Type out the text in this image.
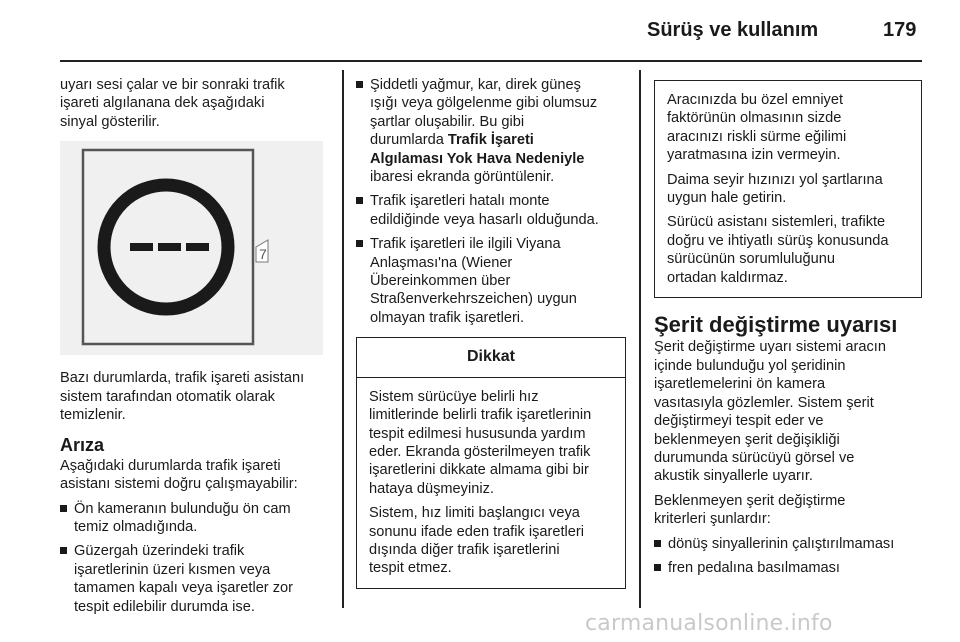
Sürüş ve kullanım	179

uyarı sesi çalar ve bir sonraki trafik
işareti algılanana dek aşağıdaki
sinyal gösterilir.

7

Bazı durumlarda, trafik işareti asistanı
sistem tarafından otomatik olarak
temizlenir.

Arıza

Aşağıdaki durumlarda trafik işareti
asistanı sistemi doğru çalışmayabilir:

Ön kameranın bulunduğu ön cam
temiz olmadığında.
Güzergah üzerindeki trafik
işaretlerinin üzeri kısmen veya
tamamen kapalı veya işaretler zor
tespit edilebilir durumda ise.
Şiddetli yağmur, kar, direk güneş
ışığı veya gölgelenme gibi olumsuz
şartlar oluşabilir. Bu gibi
durumlarda Trafik İşareti
Algılaması Yok Hava Nedeniyle
ibaresi ekranda görüntülenir.
Trafik işaretleri hatalı monte
edildiğinde veya hasarlı olduğunda.
Trafik işaretleri ile ilgili Viyana
Anlaşması'na (Wiener
Übereinkommen über
Straßenverkehrszeichen) uygun
olmayan trafik işaretleri.
Dikkat

Sistem sürücüye belirli hız
limitlerinde belirli trafik işaretlerinin
tespit edilmesi hususunda yardım
eder. Ekranda gösterilmeyen trafik
işaretlerini dikkate almama gibi bir
hataya düşmeyiniz.

Sistem, hız limiti başlangıcı veya
sonunu ifade eden trafik işaretleri
dışında diğer trafik işaretlerini
tespit etmez.

Aracınızda bu özel emniyet
faktörünün olmasının sizde
aracınızı riskli sürme eğilimi
yaratmasına izin vermeyin.

Daima seyir hızınızı yol şartlarına
uygun hale getirin.

Sürücü asistanı sistemleri, trafikte
doğru ve ihtiyatlı sürüş konusunda
sürücünün sorumluluğunu
ortadan kaldırmaz.

Şerit değiştirme uyarısı

Şerit değiştirme uyarı sistemi aracın
içinde bulunduğu yol şeridinin
işaretlemelerini ön kamera
vasıtasıyla gözlemler. Sistem şerit
değiştirmeyi tespit eder ve
beklenmeyen şerit değişikliği
durumunda sürücüyü görsel ve
akustik sinyallerle uyarır.

Beklenmeyen şerit değiştirme
kriterleri şunlardır:

dönüş sinyallerinin çalıştırılmaması
fren pedalına basılmaması
carmanualsonline.info
